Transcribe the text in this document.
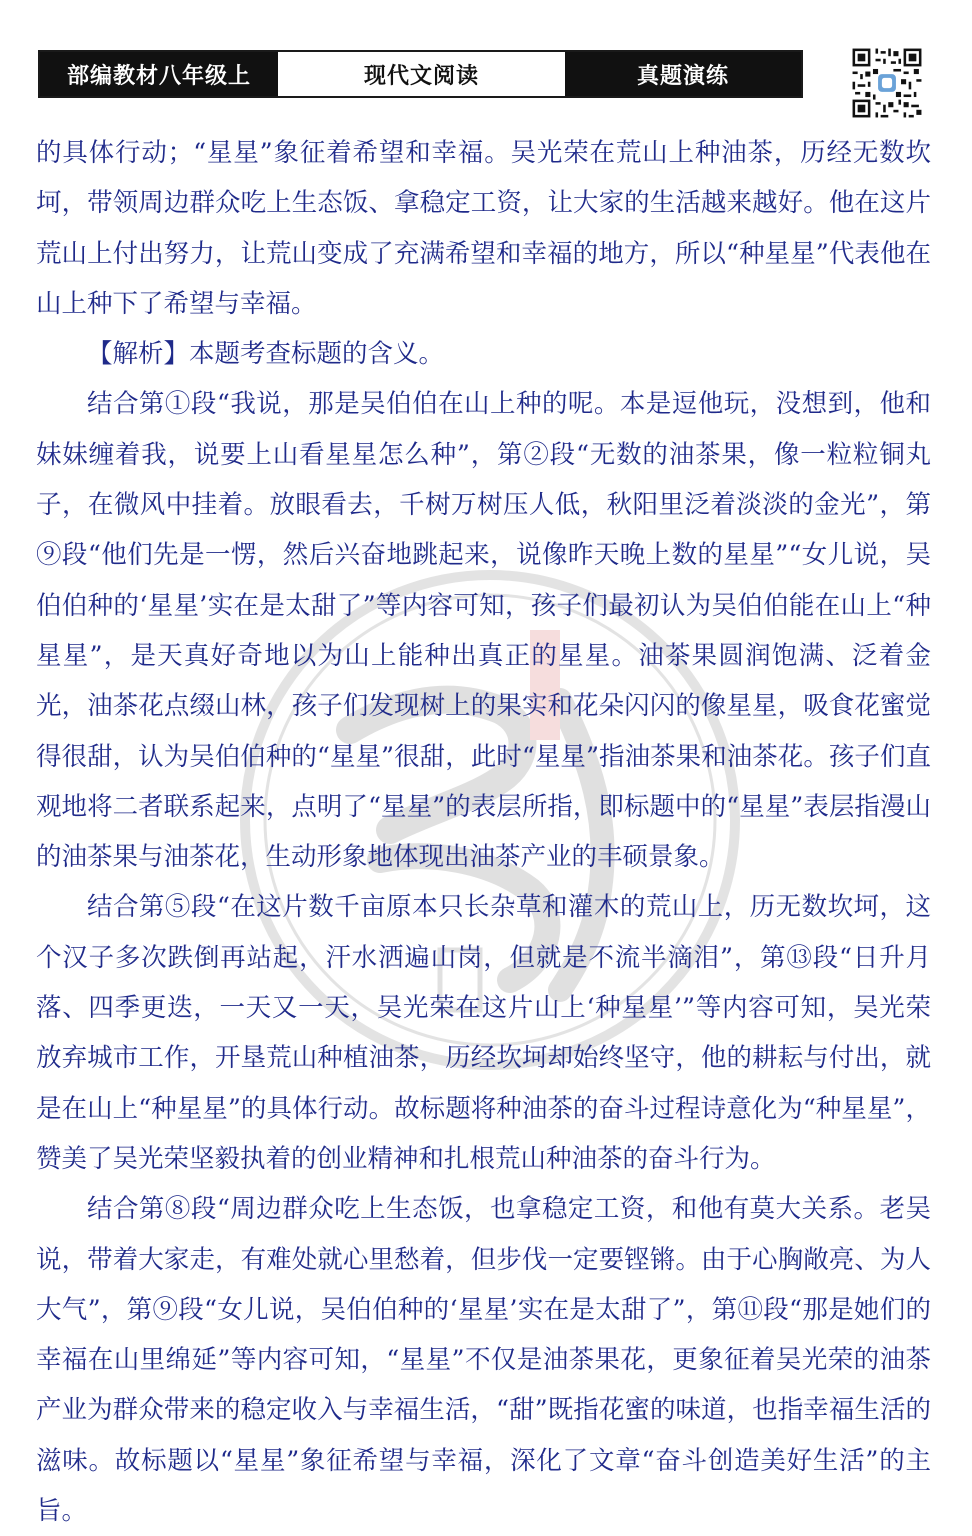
部编教材八年级上	现代文阅读	真题演练

的具体行动；“星星”象征着希望和幸福。吴光荣在荒山上种油茶，历经无数坎坷，带领周边群众吃上生态饭、拿稳定工资，让大家的生活越来越好。他在这片荒山上付出努力，让荒山变成了充满希望和幸福的地方，所以“种星星”代表他在山上种下了希望与幸福。

【解析】本题考查标题的含义。

结合第①段“我说，那是吴伯伯在山上种的呢。本是逗他玩，没想到，他和妹妹缠着我，说要上山看星星怎么种”，第②段“无数的油茶果，像一粒粒铜丸子，在微风中挂着。放眼看去，千树万树压人低，秋阳里泛着淡淡的金光”，第⑨段“他们先是一愣，然后兴奋地跳起来，说像昨天晚上数的星星”“女儿说，吴伯伯种的‘星星’实在是太甜了”等内容可知，孩子们最初认为吴伯伯能在山上“种星星”，是天真好奇地以为山上能种出真正的星星。油茶果圆润饱满、泛着金光，油茶花点缀山林，孩子们发现树上的果实和花朵闪闪的像星星，吸食花蜜觉得很甜，认为吴伯伯种的“星星”很甜，此时“星星”指油茶果和油茶花。孩子们直观地将二者联系起来，点明了“星星”的表层所指，即标题中的“星星”表层指漫山的油茶果与油茶花，生动形象地体现出油茶产业的丰硕景象。

结合第⑤段“在这片数千亩原本只长杂草和灌木的荒山上，历无数坎坷，这个汉子多次跌倒再站起，汗水洒遍山岗，但就是不流半滴泪”，第⑬段“日升月落、四季更迭，一天又一天，吴光荣在这片山上‘种星星’”等内容可知，吴光荣放弃城市工作，开垦荒山种植油茶，历经坎坷却始终坚守，他的耕耘与付出，就是在山上“种星星”的具体行动。故标题将种油茶的奋斗过程诗意化为“种星星”，赞美了吴光荣坚毅执着的创业精神和扎根荒山种油茶的奋斗行为。

结合第⑧段“周边群众吃上生态饭，也拿稳定工资，和他有莫大关系。老吴说，带着大家走，有难处就心里愁着，但步伐一定要铿锵。由于心胸敞亮、为人大气”，第⑨段“女儿说，吴伯伯种的‘星星’实在是太甜了”，第⑪段“那是她们的幸福在山里绵延”等内容可知，“星星”不仅是油茶果花，更象征着吴光荣的油茶产业为群众带来的稳定收入与幸福生活，“甜”既指花蜜的味道，也指幸福生活的滋味。故标题以“星星”象征希望与幸福，深化了文章“奋斗创造美好生活”的主旨。
